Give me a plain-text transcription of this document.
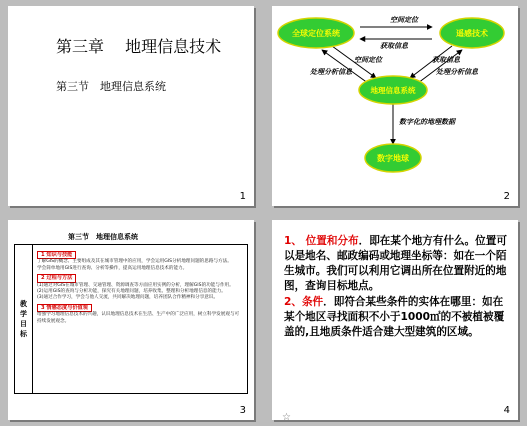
第三章　 地理信息技术
第三节　地理信息系统
1
全球定位系统	遥感技术
地理信息系统
数字地球
空间定位
获取信息
空间定位	获取信息
处理分析信息	处理分析信息
数字化的地理数据
2
第三节　地理信息系统
教
学
目
标
1 知识与技能
了解GIS的概念、主要组成及其在城市管理中的应用，学会运用GIS分析地理问题的思路与方法。
学会简单地用GIS进行查询、分析等操作，提高运用地理信息技术的能力。
2 过程与方法
(1)通过对GIS在城市管理、交通管理、资源调查等方面应用实例的分析，理解GIS的功能与作用。
(2)运用GIS的查询与分析功能，探究有关地理问题，培养收集、整理和分析地理信息的能力。
(3)通过合作学习，学会与他人交流，共同解决地理问题，培养团队合作精神和分享意识。
3 情感态度与价值观
增强学习地理信息技术的兴趣，认识地理信息技术在生活、生产中的广泛应用，树立科学发展观与可持续发展观念。
3
1、 位置和分布．即在某个地方有什么。位置可以是地名、邮政编码或地理坐标等：如在一个陌生城市。我们可以利用它调出所在位置附近的地图，查询目标地点。
2、条件．即符合某些条件的实体在哪里：如在某个地区寻找面积不小于1000㎡的不被植被覆盖的,且地质条件适合建大型建筑的区域。
4
☆
